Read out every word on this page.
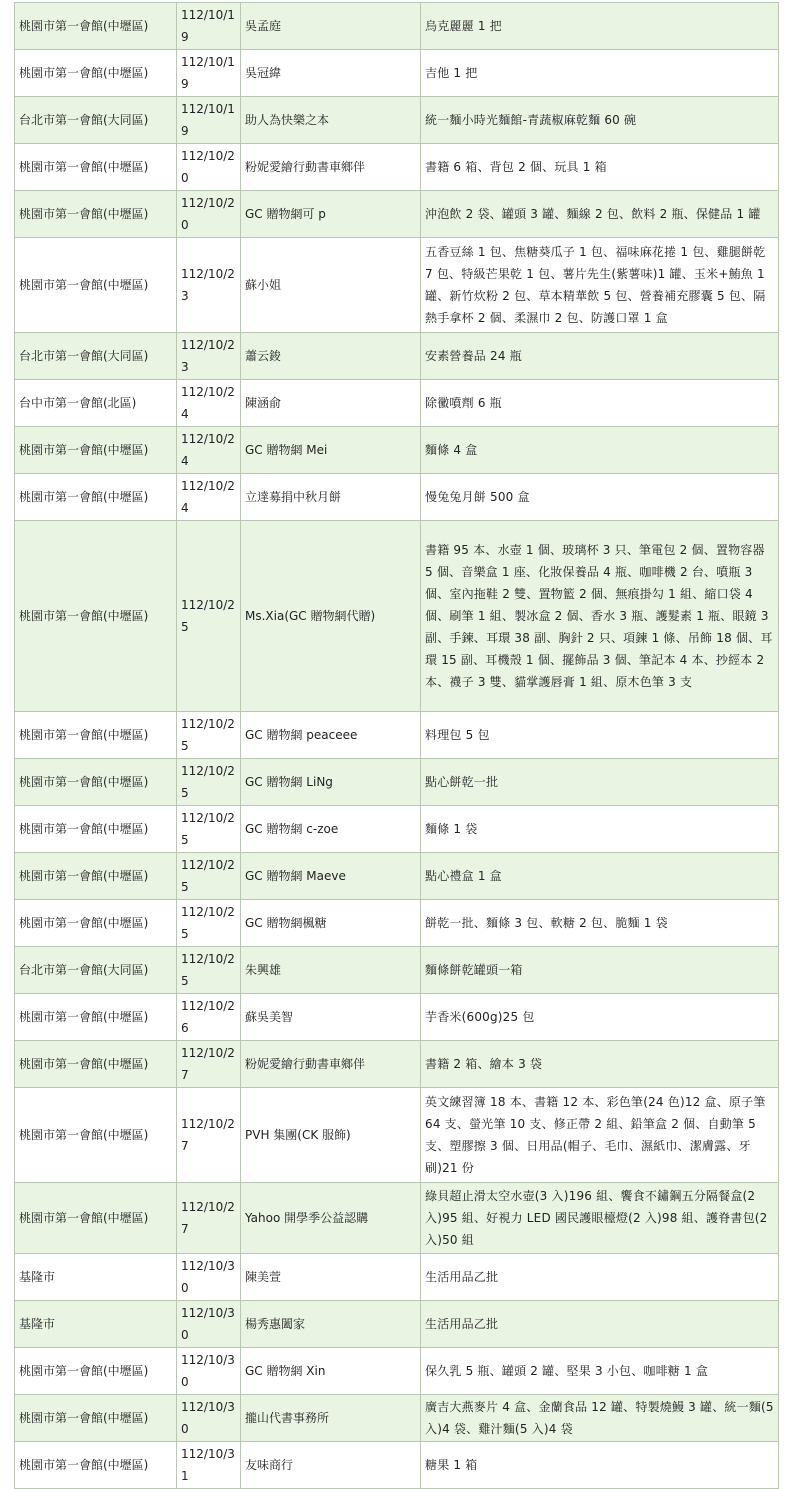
桃園市第一會館(中壢區)	112/10/19	吳孟庭	烏克麗麗 1 把
桃園市第一會館(中壢區)	112/10/19	吳冠緯	吉他 1 把
台北市第一會館(大同區)	112/10/19	助人為快樂之本	統一麵小時光麵館-青蔬椒麻乾麵 60 碗
桃園市第一會館(中壢區)	112/10/20	粉妮愛繪行動書車鄉伴	書籍 6 箱、背包 2 個、玩具 1 箱
桃園市第一會館(中壢區)	112/10/20	GC 贈物網可 p	沖泡飲 2 袋、罐頭 3 罐、麵線 2 包、飲料 2 瓶、保健品 1 罐
桃園市第一會館(中壢區)	112/10/23	蘇小姐	五香豆絲 1 包、焦糖葵瓜子 1 包、福味麻花捲 1 包、雞腿餅乾 7 包、特級芒果乾 1 包、薯片先生(紫薯味)1 罐、玉米+鮪魚 1 罐、新竹炊粉 2 包、草本精華飲 5 包、營養補充膠囊 5 包、隔熱手拿杯 2 個、柔濕巾 2 包、防護口罩 1 盒
台北市第一會館(大同區)	112/10/23	蕭云鋑	安素營養品 24 瓶
台中市第一會館(北區)	112/10/24	陳涵俞	除黴噴劑 6 瓶
桃園市第一會館(中壢區)	112/10/24	GC 贈物網 Mei	麵條 4 盒
桃園市第一會館(中壢區)	112/10/24	立達募捐中秋月餅	慢兔兔月餅 500 盒
桃園市第一會館(中壢區)	112/10/25	Ms.Xia(GC 贈物網代贈)	書籍 95 本、水壺 1 個、玻璃杯 3 只、筆電包 2 個、置物容器 5 個、音樂盒 1 座、化妝保養品 4 瓶、咖啡機 2 台、噴瓶 3 個、室內拖鞋 2 雙、置物籃 2 個、無痕掛勾 1 組、縮口袋 4 個、刷筆 1 組、製冰盒 2 個、香水 3 瓶、護髮素 1 瓶、眼鏡 3 副、手鍊、耳環 38 副、胸針 2 只、項鍊 1 條、吊飾 18 個、耳環 15 副、耳機殼 1 個、擺飾品 3 個、筆記本 4 本、抄經本 2 本、襪子 3 雙、貓掌護唇膏 1 組、原木色筆 3 支
桃園市第一會館(中壢區)	112/10/25	GC 贈物網 peaceee	料理包 5 包
桃園市第一會館(中壢區)	112/10/25	GC 贈物網 LiNg	點心餅乾一批
桃園市第一會館(中壢區)	112/10/25	GC 贈物網 c-zoe	麵條 1 袋
桃園市第一會館(中壢區)	112/10/25	GC 贈物網 Maeve	點心禮盒 1 盒
桃園市第一會館(中壢區)	112/10/25	GC 贈物網楓糖	餅乾一批、麵條 3 包、軟糖 2 包、脆麵 1 袋
台北市第一會館(大同區)	112/10/25	朱興雄	麵條餅乾罐頭一箱
桃園市第一會館(中壢區)	112/10/26	蘇吳美智	芋香米(600g)25 包
桃園市第一會館(中壢區)	112/10/27	粉妮愛繪行動書車鄉伴	書籍 2 箱、繪本 3 袋
桃園市第一會館(中壢區)	112/10/27	PVH 集團(CK 服飾)	英文練習簿 18 本、書籍 12 本、彩色筆(24 色)12 盒、原子筆 64 支、螢光筆 10 支、修正帶 2 組、鉛筆盒 2 個、自動筆 5 支、塑膠擦 3 個、日用品(帽子、毛巾、濕紙巾、潔膚露、牙刷)21 份
桃園市第一會館(中壢區)	112/10/27	Yahoo 開學季公益認購	綠貝超止滑太空水壺(3 入)196 組、饗食不鏽鋼五分隔餐盒(2 入)95 組、好視力 LED 國民護眼檯燈(2 入)98 組、護脊書包(2 入)50 組
基隆市	112/10/30	陳美萱	生活用品乙批
基隆市	112/10/30	楊秀惠闔家	生活用品乙批
桃園市第一會館(中壢區)	112/10/30	GC 贈物網 Xin	保久乳 5 瓶、罐頭 2 罐、堅果 3 小包、咖啡糖 1 盒
桃園市第一會館(中壢區)	112/10/30	攏山代書事務所	廣吉大燕麥片 4 盒、金蘭食品 12 罐、特製燒鰻 3 罐、統一麵(5 入)4 袋、雞汁麵(5 入)4 袋
桃園市第一會館(中壢區)	112/10/31	友味商行	糖果 1 箱
